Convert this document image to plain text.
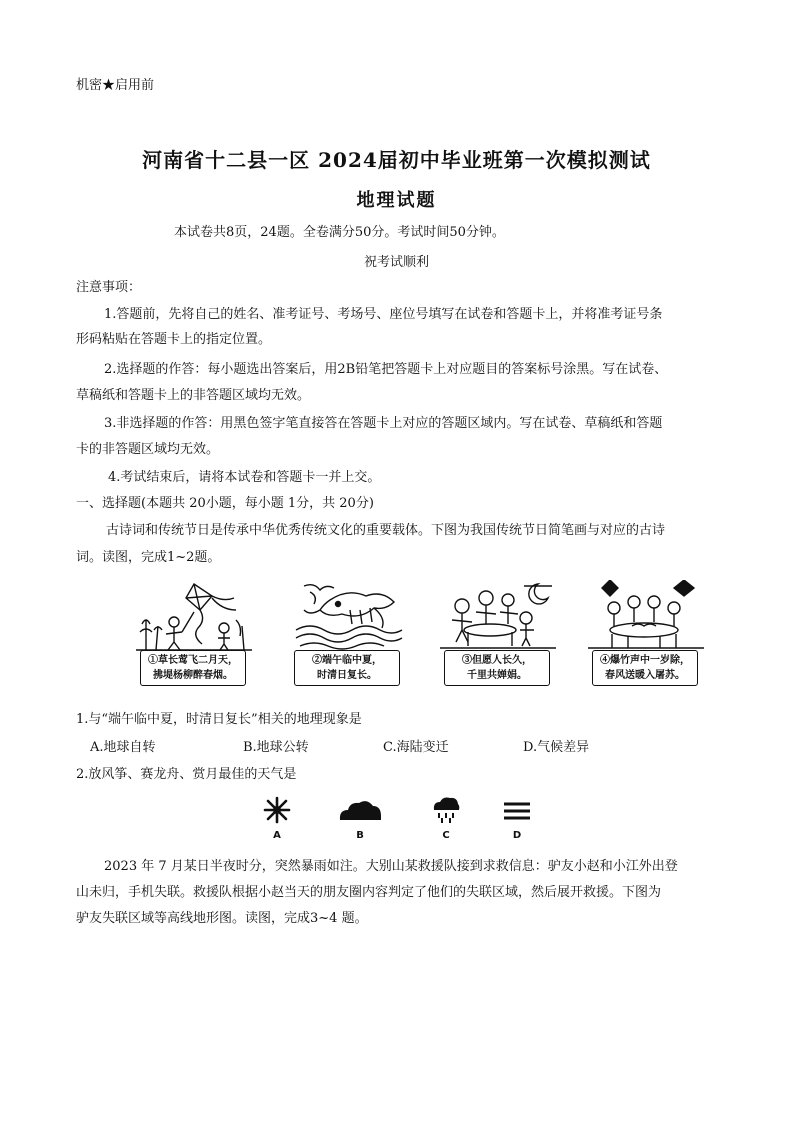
机密★启用前
河南省十二县一区 2024届初中毕业班第一次模拟测试
地理试题
本试卷共8页，24题。全卷满分50分。考试时间50分钟。
祝考试顺利
注意事项：
1.答题前，先将自己的姓名、准考证号、考场号、座位号填写在试卷和答题卡上，并将准考证号条
形码粘贴在答题卡上的指定位置。
2.选择题的作答：每小题选出答案后，用2B铅笔把答题卡上对应题目的答案标号涂黑。写在试卷、
草稿纸和答题卡上的非答题区域均无效。
3.非选择题的作答：用黑色签字笔直接答在答题卡上对应的答题区域内。写在试卷、草稿纸和答题
卡的非答题区域均无效。
4.考试结束后，请将本试卷和答题卡一并上交。
一、选择题(本题共 20小题，每小题 1分，共 20分)
古诗词和传统节日是传承中华优秀传统文化的重要载体。下图为我国传统节日简笔画与对应的古诗
词。读图，完成1~2题。
①草长莺飞二月天，
拂堤杨柳醉春烟。
②端午临中夏，
时清日复长。
③但愿人长久，
千里共婵娟。
④爆竹声中一岁除，
春风送暖入屠苏。
1.与“端午临中夏，时清日复长”相关的地理现象是
A.地球自转	B.地球公转	C.海陆变迁	D.气候差异
2.放风筝、赛龙舟、赏月最佳的天气是
A	B	C	D
2023 年 7 月某日半夜时分，突然暴雨如注。大别山某救援队接到求救信息：驴友小赵和小江外出登
山未归，手机失联。救援队根据小赵当天的朋友圈内容判定了他们的失联区域，然后展开救援。下图为
驴友失联区域等高线地形图。读图，完成3~4 题。
